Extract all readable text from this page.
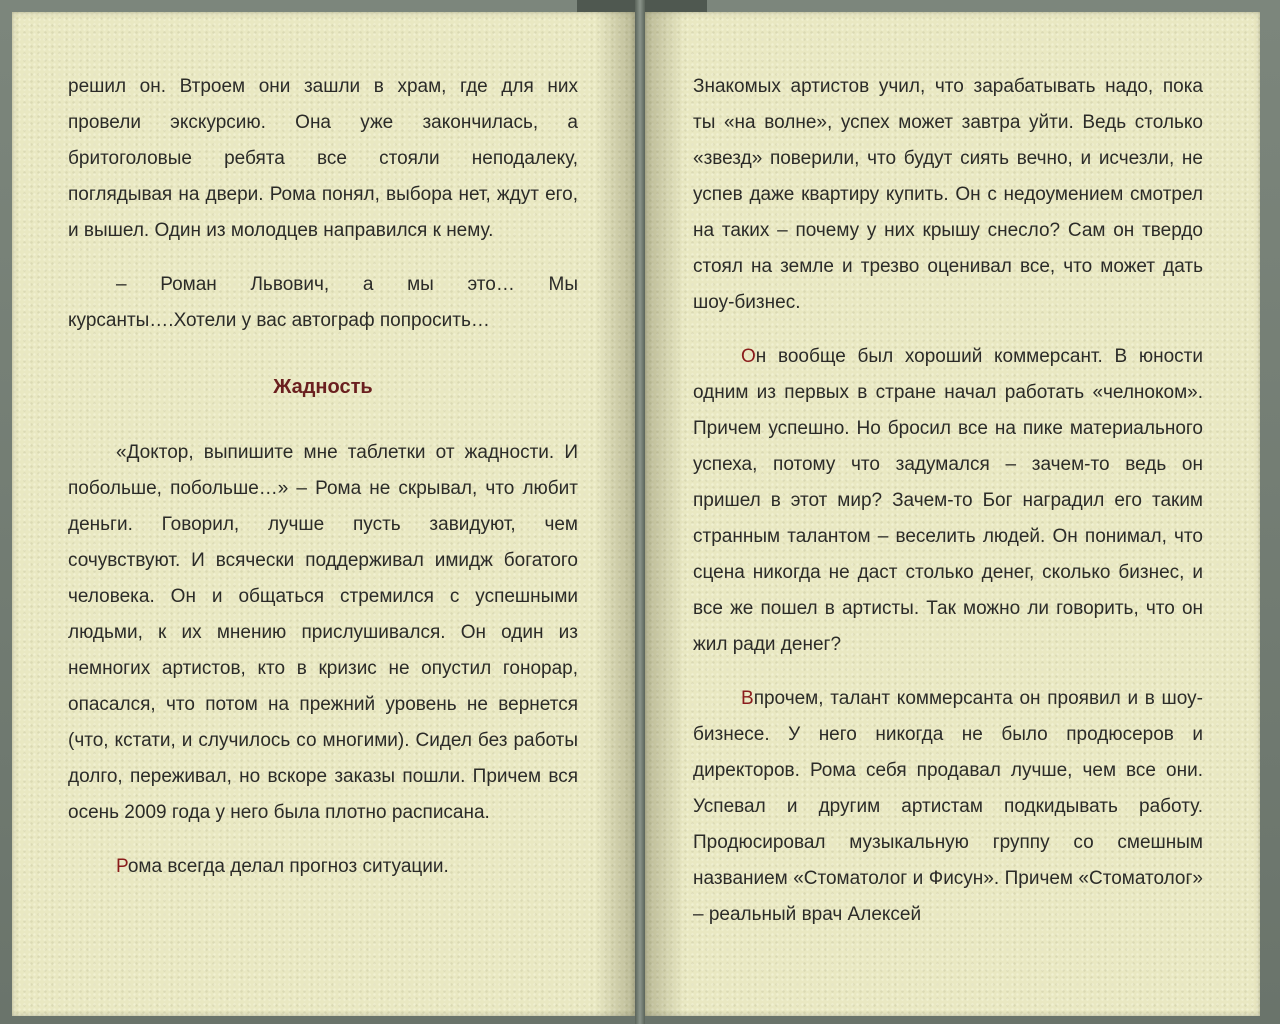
решил он. Втроем они зашли в храм, где для них провели экскурсию. Она уже закончилась, а бритоголовые ребята все стояли неподалеку, поглядывая на двери. Рома понял, выбора нет, ждут его, и вышел. Один из молодцев направился к нему.

– Роман Львович, а мы это… Мы курсанты….Хотели у вас автограф попросить…

Жадность

«Доктор, выпишите мне таблетки от жадности. И побольше, побольше…» – Рома не скрывал, что любит деньги. Говорил, лучше пусть завидуют, чем сочувствуют. И всячески поддерживал имидж богатого человека. Он и общаться стремился с успешными людьми, к их мнению прислушивался. Он один из немногих артистов, кто в кризис не опустил гонорар, опасался, что потом на прежний уровень не вернется (что, кстати, и случилось со многими). Сидел без работы долго, переживал, но вскоре заказы пошли. Причем вся осень 2009 года у него была плотно расписана.

Рома всегда делал прогноз ситуации.

Знакомых артистов учил, что зарабатывать надо, пока ты «на волне», успех может завтра уйти. Ведь столько «звезд» поверили, что будут сиять вечно, и исчезли, не успев даже квартиру купить. Он с недоумением смотрел на таких – почему у них крышу снесло? Сам он твердо стоял на земле и трезво оценивал все, что может дать шоу-бизнес.

Он вообще был хороший коммерсант. В юности одним из первых в стране начал работать «челноком». Причем успешно. Но бросил все на пике материального успеха, потому что задумался – зачем-то ведь он пришел в этот мир? Зачем-то Бог наградил его таким странным талантом – веселить людей. Он понимал, что сцена никогда не даст столько денег, сколько бизнес, и все же пошел в артисты. Так можно ли говорить, что он жил ради денег?

Впрочем, талант коммерсанта он проявил и в шоу-бизнесе. У него никогда не было продюсеров и директоров. Рома себя продавал лучше, чем все они. Успевал и другим артистам подкидывать работу. Продюсировал музыкальную группу со смешным названием «Стоматолог и Фисун». Причем «Стоматолог» – реальный врач Алексей
